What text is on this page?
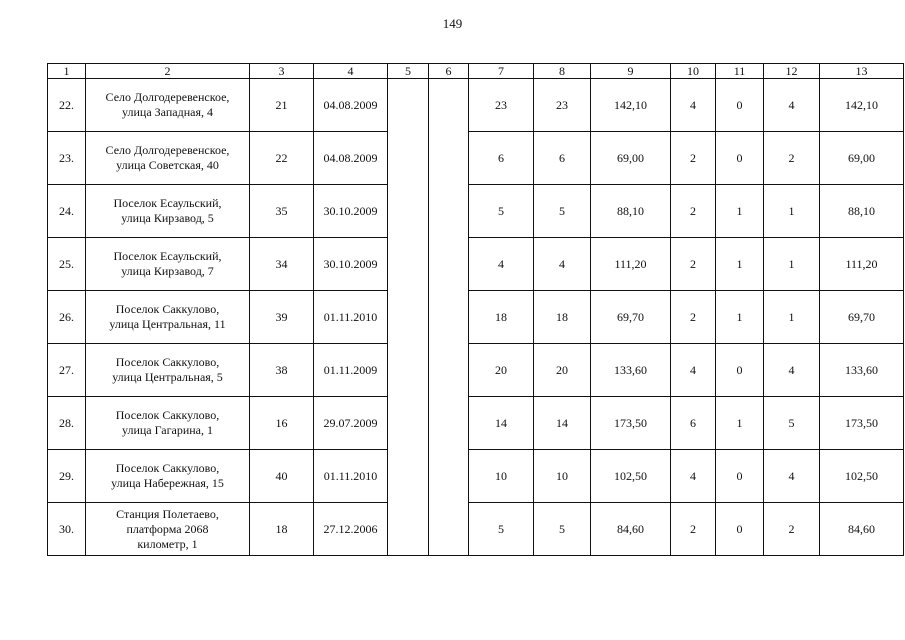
149
1	2	3	4	5	6	7	8	9	10	11	12	13
22.	Село Долгодеревенское,
улица Западная, 4	21	04.08.2009			23	23	142,10	4	0	4	142,10
23.	Село Долгодеревенское,
улица Советская, 40	22	04.08.2009			6	6	69,00	2	0	2	69,00
24.	Поселок Есаульский,
улица Кирзавод, 5	35	30.10.2009			5	5	88,10	2	1	1	88,10
25.	Поселок Есаульский,
улица Кирзавод, 7	34	30.10.2009			4	4	111,20	2	1	1	111,20
26.	Поселок Саккулово,
улица Центральная, 11	39	01.11.2010			18	18	69,70	2	1	1	69,70
27.	Поселок Саккулово,
улица Центральная, 5	38	01.11.2009			20	20	133,60	4	0	4	133,60
28.	Поселок Саккулово,
улица Гагарина, 1	16	29.07.2009			14	14	173,50	6	1	5	173,50
29.	Поселок Саккулово,
улица Набережная, 15	40	01.11.2010			10	10	102,50	4	0	4	102,50
30.	Станция Полетаево,
платформа 2068
километр, 1	18	27.12.2006			5	5	84,60	2	0	2	84,60
